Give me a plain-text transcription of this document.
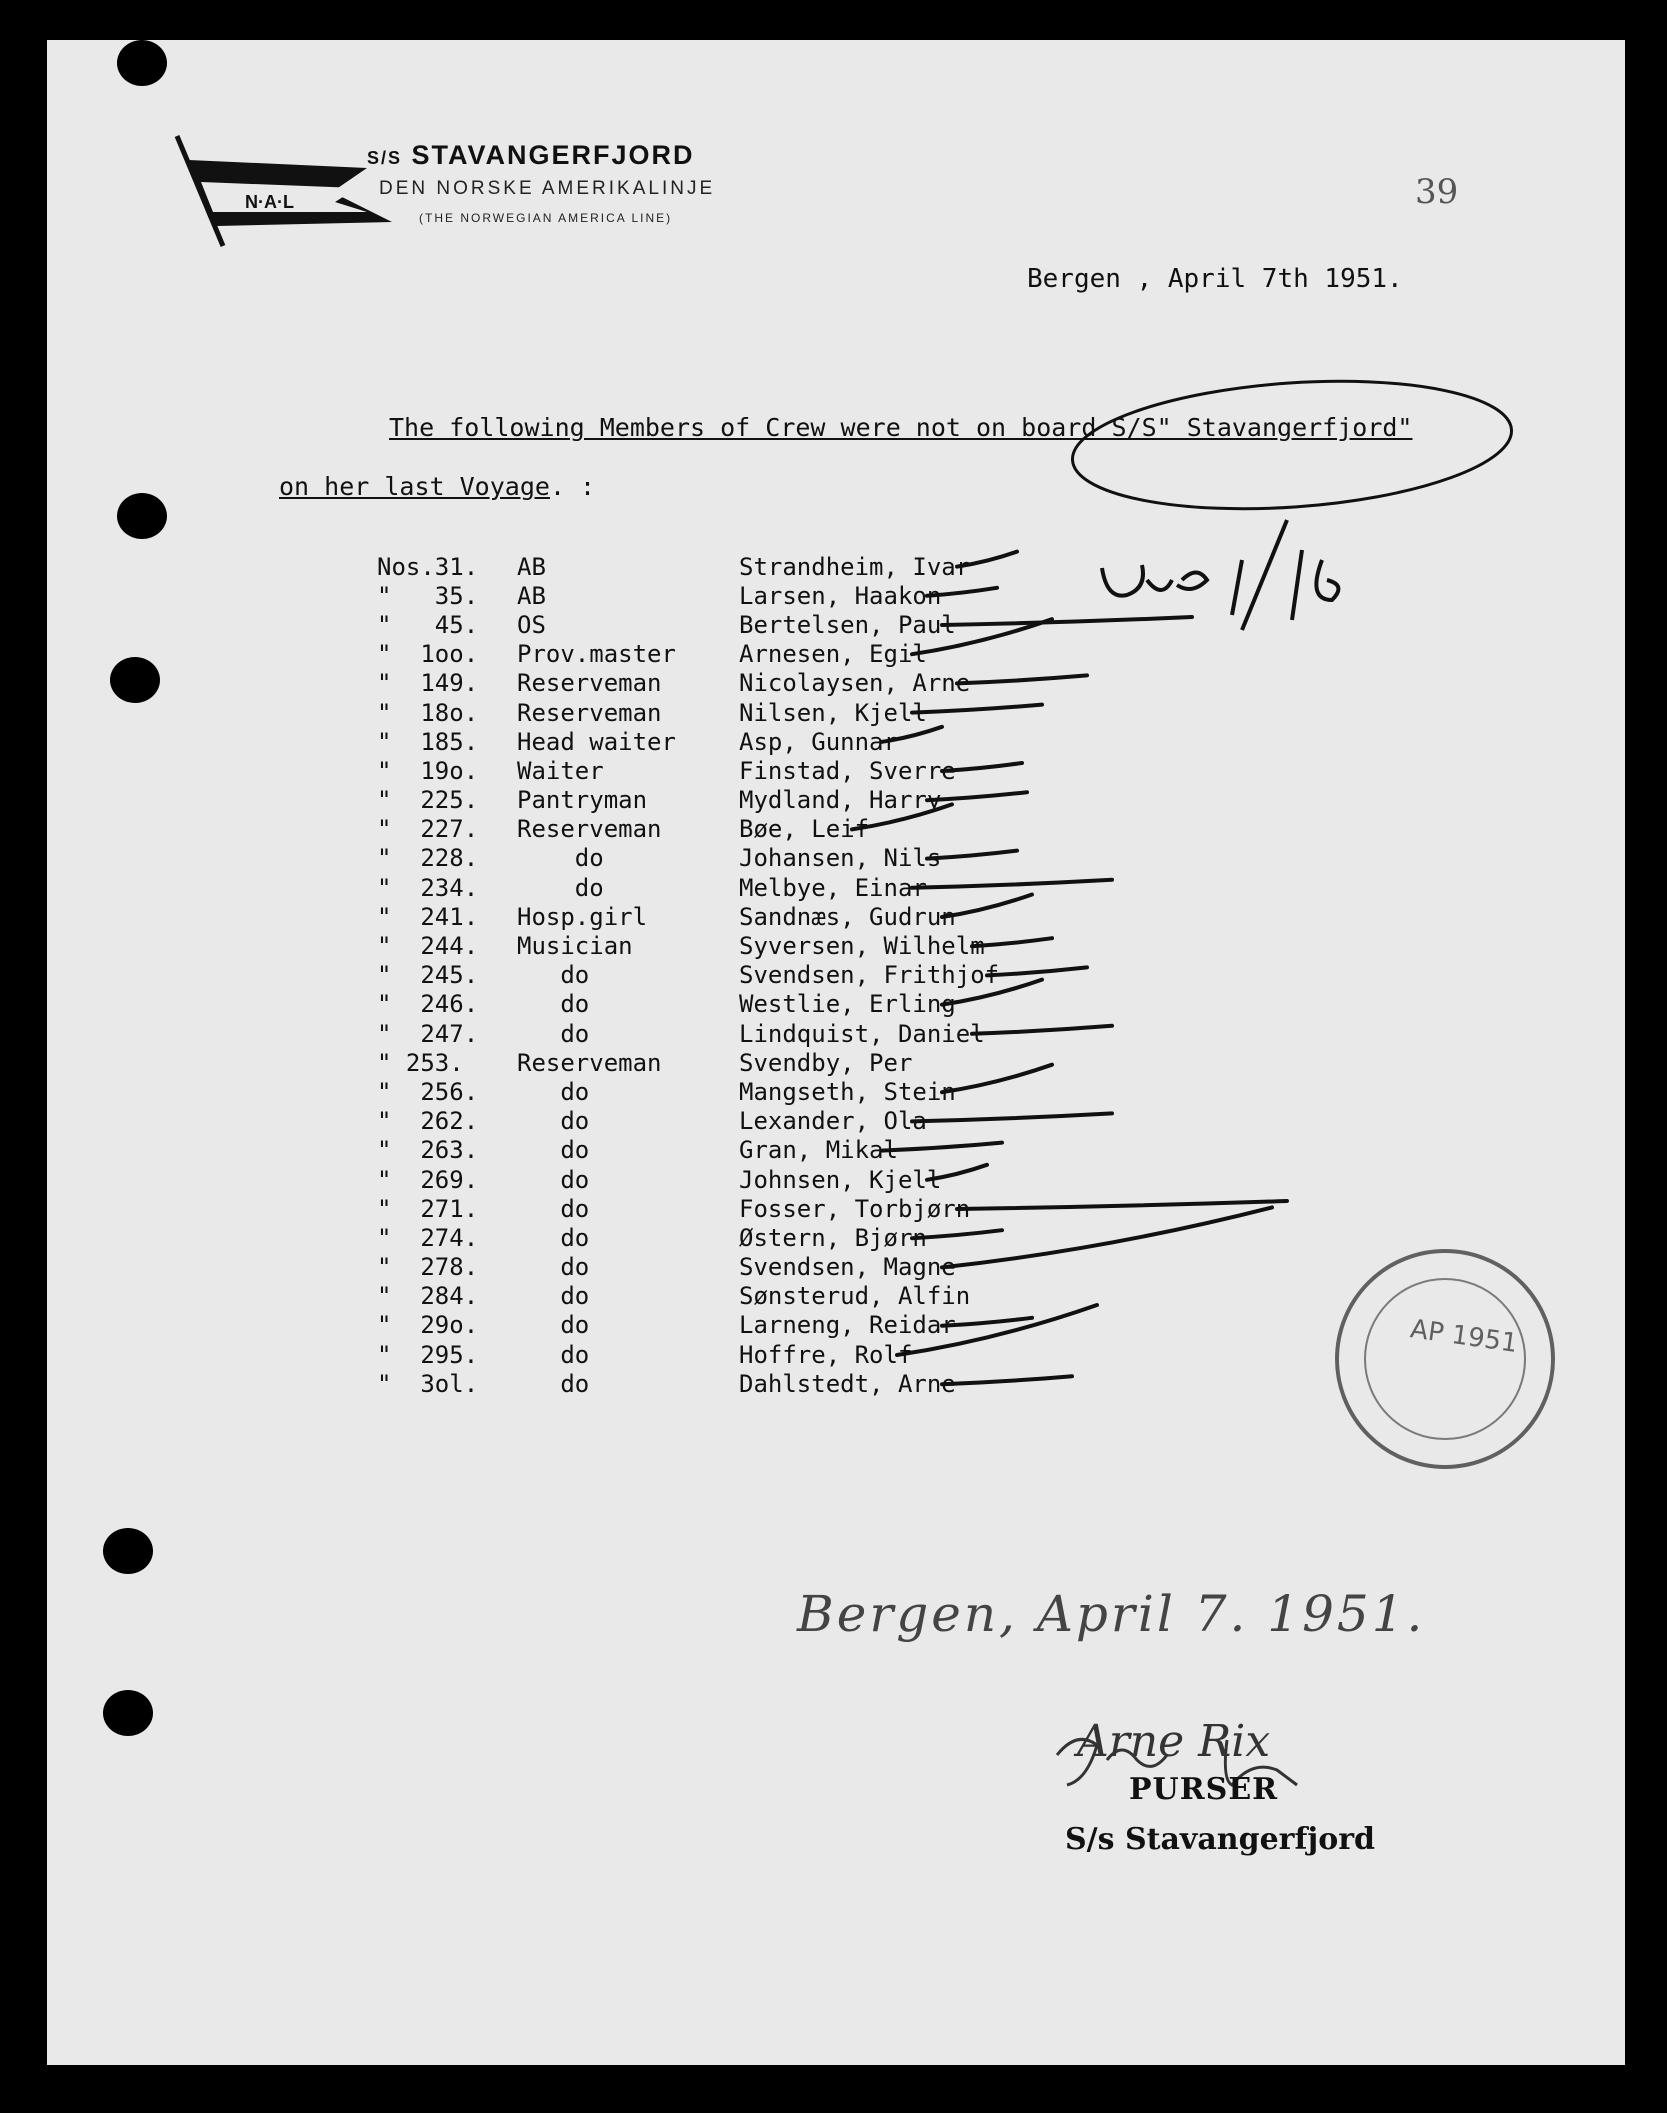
N·A·L
S/S STAVANGERFJORD
DEN NORSKE AMERIKALINJE
(THE NORWEGIAN AMERICA LINE)
39
Bergen , April 7th 1951.
The following Members of Crew were not on board S/S" Stavangerfjord"
on her last Voyage. :
Nos.31.	AB	Strandheim, Ivar
"   35.	AB	Larsen, Haakon
"   45.	OS	Bertelsen, Paul
"  1oo.	Prov.master	Arnesen, Egil
"  149.	Reserveman	Nicolaysen, Arne
"  18o.	Reserveman	Nilsen, Kjell
"  185.	Head waiter	Asp, Gunnar
"  19o.	Waiter	Finstad, Sverre
"  225.	Pantryman	Mydland, Harry
"  227.	Reserveman	Bøe, Leif
"  228.	do	Johansen, Nils
"  234.	do	Melbye, Einar
"  241.	Hosp.girl	Sandnæs, Gudrun
"  244.	Musician	Syversen, Wilhelm
"  245.	do	Svendsen, Frithjof
"  246.	do	Westlie, Erling
"  247.	do	Lindquist, Daniel
" 253.	Reserveman	Svendby, Per
"  256.	do	Mangseth, Stein
"  262.	do	Lexander, Ola
"  263.	do	Gran, Mikal
"  269.	do	Johnsen, Kjell
"  271.	do	Fosser, Torbjørn
"  274.	do	Østern, Bjørn
"  278.	do	Svendsen, Magne
"  284.	do	Sønsterud, Alfin
"  29o.	do	Larneng, Reidar
"  295.	do	Hoffre, Rolf
"  3ol.	do	Dahlstedt, Arne
AP 1951
Bergen, April 7. 1951.
Arne Rix
PURSER
S/s Stavangerfjord
